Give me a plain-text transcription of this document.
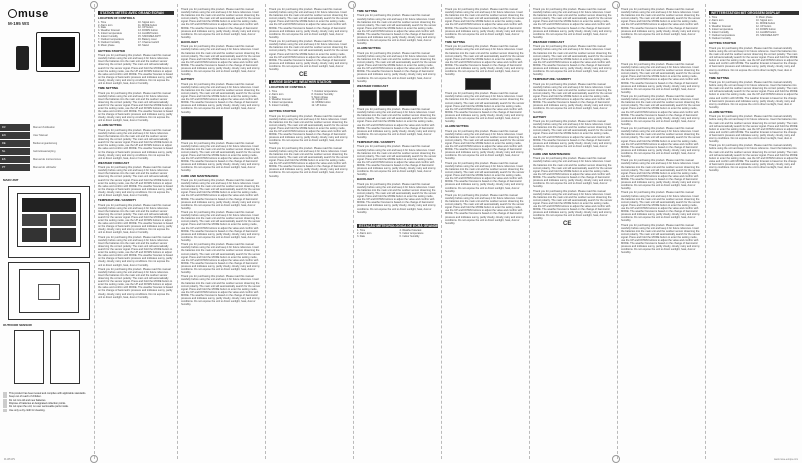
muse
M-195 WS
FR
EN
DE
NL
ES
PT
Manuel d'utilisation
User Manual
Bedienungsanleitung
Gebruiksaanwijzing
Manual de instrucciones
Manual do utilizador
MAIN UNIT
OUTDOOR SENSOR
This product has been tested and complies with applicable standards.
Keep out of reach of children.
Do not mix old and new batteries.
Dispose of batteries at designated collection points.
Do not open the unit; no user serviceable parts inside.
Use only a dry cloth for cleaning.
STATION MÉTÉO AVEC GRAND ÉCRAN
LOCATION OF CONTROLS
1. Time
2. Alarm icon
3. Date
4. Weather forecast
5. Indoor temperature
6. Indoor humidity
7. Outdoor temperature
8. Outdoor humidity
9. Moon phase
10. Signal icon
11. MODE button
12. UP button
13. DOWN button
14. ALARM button
15. SNOOZE/LIGHT
16. Battery cover
17. Channel switch
18. Stand
GETTING STARTED

Thank you for purchasing this product. Please read this manual carefully before using the unit and keep it for future reference. Insert the batteries into the main unit and the outdoor sensor observing the correct polarity. The main unit will automatically search for the sensor signal. Press and hold the MODE button to enter the setting mode, use the UP and DOWN buttons to adjust the value and confirm with MODE. The weather forecast is based on the change of barometric pressure and indicates sunny, partly cloudy, cloudy, rainy and stormy conditions. Do not expose the unit to direct sunlight, heat, dust or humidity.

TIME SETTING

Thank you for purchasing this product. Please read this manual carefully before using the unit and keep it for future reference. Insert the batteries into the main unit and the outdoor sensor observing the correct polarity. The main unit will automatically search for the sensor signal. Press and hold the MODE button to enter the setting mode, use the UP and DOWN buttons to adjust the value and confirm with MODE. The weather forecast is based on the change of barometric pressure and indicates sunny, partly cloudy, cloudy, rainy and stormy conditions. Do not expose the unit to direct sunlight, heat, dust or humidity.

ALARM SETTING

Thank you for purchasing this product. Please read this manual carefully before using the unit and keep it for future reference. Insert the batteries into the main unit and the outdoor sensor observing the correct polarity. The main unit will automatically search for the sensor signal. Press and hold the MODE button to enter the setting mode, use the UP and DOWN buttons to adjust the value and confirm with MODE. The weather forecast is based on the change of barometric pressure and indicates sunny, partly cloudy, cloudy, rainy and stormy conditions. Do not expose the unit to direct sunlight, heat, dust or humidity.

WEATHER FORECAST

Thank you for purchasing this product. Please read this manual carefully before using the unit and keep it for future reference. Insert the batteries into the main unit and the outdoor sensor observing the correct polarity. The main unit will automatically search for the sensor signal. Press and hold the MODE button to enter the setting mode, use the UP and DOWN buttons to adjust the value and confirm with MODE. The weather forecast is based on the change of barometric pressure and indicates sunny, partly cloudy, cloudy, rainy and stormy conditions. Do not expose the unit to direct sunlight, heat, dust or humidity.

TEMPERATURE / HUMIDITY

Thank you for purchasing this product. Please read this manual carefully before using the unit and keep it for future reference. Insert the batteries into the main unit and the outdoor sensor observing the correct polarity. The main unit will automatically search for the sensor signal. Press and hold the MODE button to enter the setting mode, use the UP and DOWN buttons to adjust the value and confirm with MODE. The weather forecast is based on the change of barometric pressure and indicates sunny, partly cloudy, cloudy, rainy and stormy conditions. Do not expose the unit to direct sunlight, heat, dust or humidity.

Thank you for purchasing this product. Please read this manual carefully before using the unit and keep it for future reference. Insert the batteries into the main unit and the outdoor sensor observing the correct polarity. The main unit will automatically search for the sensor signal. Press and hold the MODE button to enter the setting mode, use the UP and DOWN buttons to adjust the value and confirm with MODE. The weather forecast is based on the change of barometric pressure and indicates sunny, partly cloudy, cloudy, rainy and stormy conditions. Do not expose the unit to direct sunlight, heat, dust or humidity.

Thank you for purchasing this product. Please read this manual carefully before using the unit and keep it for future reference. Insert the batteries into the main unit and the outdoor sensor observing the correct polarity. The main unit will automatically search for the sensor signal. Press and hold the MODE button to enter the setting mode, use the UP and DOWN buttons to adjust the value and confirm with MODE. The weather forecast is based on the change of barometric pressure and indicates sunny, partly cloudy, cloudy, rainy and stormy conditions. Do not expose the unit to direct sunlight, heat, dust or humidity.

Thank you for purchasing this product. Please read this manual carefully before using the unit and keep it for future reference. Insert the batteries into the main unit and the outdoor sensor observing the correct polarity. The main unit will automatically search for the sensor signal. Press and hold the MODE button to enter the setting mode, use the UP and DOWN buttons to adjust the value and confirm with MODE. The weather forecast is based on the change of barometric pressure and indicates sunny, partly cloudy, cloudy, rainy and stormy conditions. Do not expose the unit to direct sunlight, heat, dust or humidity.

BACKLIGHT

Thank you for purchasing this product. Please read this manual carefully before using the unit and keep it for future reference. Insert the batteries into the main unit and the outdoor sensor observing the correct polarity. The main unit will automatically search for the sensor signal. Press and hold the MODE button to enter the setting mode, use the UP and DOWN buttons to adjust the value and confirm with MODE. The weather forecast is based on the change of barometric pressure and indicates sunny, partly cloudy, cloudy, rainy and stormy conditions. Do not expose the unit to direct sunlight, heat, dust or humidity.

BATTERY

Thank you for purchasing this product. Please read this manual carefully before using the unit and keep it for future reference. Insert the batteries into the main unit and the outdoor sensor observing the correct polarity. The main unit will automatically search for the sensor signal. Press and hold the MODE button to enter the setting mode, use the UP and DOWN buttons to adjust the value and confirm with MODE. The weather forecast is based on the change of barometric pressure and indicates sunny, partly cloudy, cloudy, rainy and stormy conditions. Do not expose the unit to direct sunlight, heat, dust or humidity.

Thank you for purchasing this product. Please read this manual carefully before using the unit and keep it for future reference. Insert the batteries into the main unit and the outdoor sensor observing the correct polarity. The main unit will automatically search for the sensor signal. Press and hold the MODE button to enter the setting mode, use the UP and DOWN buttons to adjust the value and confirm with MODE. The weather forecast is based on the change of barometric pressure and indicates sunny, partly cloudy, cloudy, rainy and stormy conditions. Do not expose the unit to direct sunlight, heat, dust or humidity.

CARE AND MAINTENANCE

Thank you for purchasing this product. Please read this manual carefully before using the unit and keep it for future reference. Insert the batteries into the main unit and the outdoor sensor observing the correct polarity. The main unit will automatically search for the sensor signal. Press and hold the MODE button to enter the setting mode, use the UP and DOWN buttons to adjust the value and confirm with MODE. The weather forecast is based on the change of barometric pressure and indicates sunny, partly cloudy, cloudy, rainy and stormy conditions. Do not expose the unit to direct sunlight, heat, dust or humidity.

Thank you for purchasing this product. Please read this manual carefully before using the unit and keep it for future reference. Insert the batteries into the main unit and the outdoor sensor observing the correct polarity. The main unit will automatically search for the sensor signal. Press and hold the MODE button to enter the setting mode, use the UP and DOWN buttons to adjust the value and confirm with MODE. The weather forecast is based on the change of barometric pressure and indicates sunny, partly cloudy, cloudy, rainy and stormy conditions. Do not expose the unit to direct sunlight, heat, dust or humidity.

Thank you for purchasing this product. Please read this manual carefully before using the unit and keep it for future reference. Insert the batteries into the main unit and the outdoor sensor observing the correct polarity. The main unit will automatically search for the sensor signal. Press and hold the MODE button to enter the setting mode, use the UP and DOWN buttons to adjust the value and confirm with MODE. The weather forecast is based on the change of barometric pressure and indicates sunny, partly cloudy, cloudy, rainy and stormy conditions. Do not expose the unit to direct sunlight, heat, dust or humidity.

Thank you for purchasing this product. Please read this manual carefully before using the unit and keep it for future reference. Insert the batteries into the main unit and the outdoor sensor observing the correct polarity. The main unit will automatically search for the sensor signal. Press and hold the MODE button to enter the setting mode, use the UP and DOWN buttons to adjust the value and confirm with MODE. The weather forecast is based on the change of barometric pressure and indicates sunny, partly cloudy, cloudy, rainy and stormy conditions. Do not expose the unit to direct sunlight, heat, dust or humidity.

Thank you for purchasing this product. Please read this manual carefully before using the unit and keep it for future reference. Insert the batteries into the main unit and the outdoor sensor observing the correct polarity. The main unit will automatically search for the sensor signal. Press and hold the MODE button to enter the setting mode, use the UP and DOWN buttons to adjust the value and confirm with MODE. The weather forecast is based on the change of barometric pressure and indicates sunny, partly cloudy, cloudy, rainy and stormy conditions. Do not expose the unit to direct sunlight, heat, dust or humidity.

Thank you for purchasing this product. Please read this manual carefully before using the unit and keep it for future reference. Insert the batteries into the main unit and the outdoor sensor observing the correct polarity. The main unit will automatically search for the sensor signal. Press and hold the MODE button to enter the setting mode, use the UP and DOWN buttons to adjust the value and confirm with MODE. The weather forecast is based on the change of barometric pressure and indicates sunny, partly cloudy, cloudy, rainy and stormy conditions. Do not expose the unit to direct sunlight, heat, dust or humidity.

CE
LARGE DISPLAY WEATHER STATION
LOCATION OF CONTROLS
1. Time
2. Alarm icon
3. Date
4. Weather forecast
5. Indoor temperature
6. Indoor humidity
7. Outdoor temperature
8. Outdoor humidity
9. Moon phase
10. Signal icon
11. MODE button
12. UP button
GETTING STARTED

Thank you for purchasing this product. Please read this manual carefully before using the unit and keep it for future reference. Insert the batteries into the main unit and the outdoor sensor observing the correct polarity. The main unit will automatically search for the sensor signal. Press and hold the MODE button to enter the setting mode, use the UP and DOWN buttons to adjust the value and confirm with MODE. The weather forecast is based on the change of barometric pressure and indicates sunny, partly cloudy, cloudy, rainy and stormy conditions. Do not expose the unit to direct sunlight, heat, dust or humidity.

Thank you for purchasing this product. Please read this manual carefully before using the unit and keep it for future reference. Insert the batteries into the main unit and the outdoor sensor observing the correct polarity. The main unit will automatically search for the sensor signal. Press and hold the MODE button to enter the setting mode, use the UP and DOWN buttons to adjust the value and confirm with MODE. The weather forecast is based on the change of barometric pressure and indicates sunny, partly cloudy, cloudy, rainy and stormy conditions. Do not expose the unit to direct sunlight, heat, dust or humidity.

TIME SETTING

Thank you for purchasing this product. Please read this manual carefully before using the unit and keep it for future reference. Insert the batteries into the main unit and the outdoor sensor observing the correct polarity. The main unit will automatically search for the sensor signal. Press and hold the MODE button to enter the setting mode, use the UP and DOWN buttons to adjust the value and confirm with MODE. The weather forecast is based on the change of barometric pressure and indicates sunny, partly cloudy, cloudy, rainy and stormy conditions. Do not expose the unit to direct sunlight, heat, dust or humidity.

ALARM SETTING

Thank you for purchasing this product. Please read this manual carefully before using the unit and keep it for future reference. Insert the batteries into the main unit and the outdoor sensor observing the correct polarity. The main unit will automatically search for the sensor signal. Press and hold the MODE button to enter the setting mode, use the UP and DOWN buttons to adjust the value and confirm with MODE. The weather forecast is based on the change of barometric pressure and indicates sunny, partly cloudy, cloudy, rainy and stormy conditions. Do not expose the unit to direct sunlight, heat, dust or humidity.

WEATHER FORECAST

Thank you for purchasing this product. Please read this manual carefully before using the unit and keep it for future reference. Insert the batteries into the main unit and the outdoor sensor observing the correct polarity. The main unit will automatically search for the sensor signal. Press and hold the MODE button to enter the setting mode, use the UP and DOWN buttons to adjust the value and confirm with MODE. The weather forecast is based on the change of barometric pressure and indicates sunny, partly cloudy, cloudy, rainy and stormy conditions. Do not expose the unit to direct sunlight, heat, dust or humidity.

TEMPERATURE / HUMIDITY

Thank you for purchasing this product. Please read this manual carefully before using the unit and keep it for future reference. Insert the batteries into the main unit and the outdoor sensor observing the correct polarity. The main unit will automatically search for the sensor signal. Press and hold the MODE button to enter the setting mode, use the UP and DOWN buttons to adjust the value and confirm with MODE. The weather forecast is based on the change of barometric pressure and indicates sunny, partly cloudy, cloudy, rainy and stormy conditions. Do not expose the unit to direct sunlight, heat, dust or humidity.

BACKLIGHT

Thank you for purchasing this product. Please read this manual carefully before using the unit and keep it for future reference. Insert the batteries into the main unit and the outdoor sensor observing the correct polarity. The main unit will automatically search for the sensor signal. Press and hold the MODE button to enter the setting mode, use the UP and DOWN buttons to adjust the value and confirm with MODE. The weather forecast is based on the change of barometric pressure and indicates sunny, partly cloudy, cloudy, rainy and stormy conditions. Do not expose the unit to direct sunlight, heat, dust or humidity.

ESTAÇÃO METEOROLÓGICA DE ECRÃ GRANDE
1. Time
2. Alarm icon
3. Date
4. Weather forecast
5. Indoor temperature
6. Indoor humidity

Thank you for purchasing this product. Please read this manual carefully before using the unit and keep it for future reference. Insert the batteries into the main unit and the outdoor sensor observing the correct polarity. The main unit will automatically search for the sensor signal. Press and hold the MODE button to enter the setting mode, use the UP and DOWN buttons to adjust the value and confirm with MODE. The weather forecast is based on the change of barometric pressure and indicates sunny, partly cloudy, cloudy, rainy and stormy conditions. Do not expose the unit to direct sunlight, heat, dust or humidity.

TIME SETTING

Thank you for purchasing this product. Please read this manual carefully before using the unit and keep it for future reference. Insert the batteries into the main unit and the outdoor sensor observing the correct polarity. The main unit will automatically search for the sensor signal. Press and hold the MODE button to enter the setting mode, use the UP and DOWN buttons to adjust the value and confirm with MODE. The weather forecast is based on the change of barometric pressure and indicates sunny, partly cloudy, cloudy, rainy and stormy conditions. Do not expose the unit to direct sunlight, heat, dust or humidity.

Thank you for purchasing this product. Please read this manual carefully before using the unit and keep it for future reference. Insert the batteries into the main unit and the outdoor sensor observing the correct polarity. The main unit will automatically search for the sensor signal. Press and hold the MODE button to enter the setting mode, use the UP and DOWN buttons to adjust the value and confirm with MODE. The weather forecast is based on the change of barometric pressure and indicates sunny, partly cloudy, cloudy, rainy and stormy conditions. Do not expose the unit to direct sunlight, heat, dust or humidity.

ALARM SETTING

Thank you for purchasing this product. Please read this manual carefully before using the unit and keep it for future reference. Insert the batteries into the main unit and the outdoor sensor observing the correct polarity. The main unit will automatically search for the sensor signal. Press and hold the MODE button to enter the setting mode, use the UP and DOWN buttons to adjust the value and confirm with MODE. The weather forecast is based on the change of barometric pressure and indicates sunny, partly cloudy, cloudy, rainy and stormy conditions. Do not expose the unit to direct sunlight, heat, dust or humidity.

Thank you for purchasing this product. Please read this manual carefully before using the unit and keep it for future reference. Insert the batteries into the main unit and the outdoor sensor observing the correct polarity. The main unit will automatically search for the sensor signal. Press and hold the MODE button to enter the setting mode, use the UP and DOWN buttons to adjust the value and confirm with MODE. The weather forecast is based on the change of barometric pressure and indicates sunny, partly cloudy, cloudy, rainy and stormy conditions. Do not expose the unit to direct sunlight, heat, dust or humidity.

Thank you for purchasing this product. Please read this manual carefully before using the unit and keep it for future reference. Insert the batteries into the main unit and the outdoor sensor observing the correct polarity. The main unit will automatically search for the sensor signal. Press and hold the MODE button to enter the setting mode, use the UP and DOWN buttons to adjust the value and confirm with MODE. The weather forecast is based on the change of barometric pressure and indicates sunny, partly cloudy, cloudy, rainy and stormy conditions. Do not expose the unit to direct sunlight, heat, dust or humidity.

Thank you for purchasing this product. Please read this manual carefully before using the unit and keep it for future reference. Insert the batteries into the main unit and the outdoor sensor observing the correct polarity. The main unit will automatically search for the sensor signal. Press and hold the MODE button to enter the setting mode, use the UP and DOWN buttons to adjust the value and confirm with MODE. The weather forecast is based on the change of barometric pressure and indicates sunny, partly cloudy, cloudy, rainy and stormy conditions. Do not expose the unit to direct sunlight, heat, dust or humidity.

WEATHER FORECAST

Thank you for purchasing this product. Please read this manual carefully before using the unit and keep it for future reference. Insert the batteries into the main unit and the outdoor sensor observing the correct polarity. The main unit will automatically search for the sensor signal. Press and hold the MODE button to enter the setting mode, use the UP and DOWN buttons to adjust the value and confirm with MODE. The weather forecast is based on the change of barometric pressure and indicates sunny, partly cloudy, cloudy, rainy and stormy conditions. Do not expose the unit to direct sunlight, heat, dust or humidity.

TEMPERATURE / HUMIDITY

Thank you for purchasing this product. Please read this manual carefully before using the unit and keep it for future reference. Insert the batteries into the main unit and the outdoor sensor observing the correct polarity. The main unit will automatically search for the sensor signal. Press and hold the MODE button to enter the setting mode, use the UP and DOWN buttons to adjust the value and confirm with MODE. The weather forecast is based on the change of barometric pressure and indicates sunny, partly cloudy, cloudy, rainy and stormy conditions. Do not expose the unit to direct sunlight, heat, dust or humidity.

BATTERY

Thank you for purchasing this product. Please read this manual carefully before using the unit and keep it for future reference. Insert the batteries into the main unit and the outdoor sensor observing the correct polarity. The main unit will automatically search for the sensor signal. Press and hold the MODE button to enter the setting mode, use the UP and DOWN buttons to adjust the value and confirm with MODE. The weather forecast is based on the change of barometric pressure and indicates sunny, partly cloudy, cloudy, rainy and stormy conditions. Do not expose the unit to direct sunlight, heat, dust or humidity.

CARE AND MAINTENANCE

Thank you for purchasing this product. Please read this manual carefully before using the unit and keep it for future reference. Insert the batteries into the main unit and the outdoor sensor observing the correct polarity. The main unit will automatically search for the sensor signal. Press and hold the MODE button to enter the setting mode, use the UP and DOWN buttons to adjust the value and confirm with MODE. The weather forecast is based on the change of barometric pressure and indicates sunny, partly cloudy, cloudy, rainy and stormy conditions. Do not expose the unit to direct sunlight, heat, dust or humidity.

Thank you for purchasing this product. Please read this manual carefully before using the unit and keep it for future reference. Insert the batteries into the main unit and the outdoor sensor observing the correct polarity. The main unit will automatically search for the sensor signal. Press and hold the MODE button to enter the setting mode, use the UP and DOWN buttons to adjust the value and confirm with MODE. The weather forecast is based on the change of barometric pressure and indicates sunny, partly cloudy, cloudy, rainy and stormy conditions. Do not expose the unit to direct sunlight, heat, dust or humidity.

CE

Thank you for purchasing this product. Please read this manual carefully before using the unit and keep it for future reference. Insert the batteries into the main unit and the outdoor sensor observing the correct polarity. The main unit will automatically search for the sensor signal. Press and hold the MODE button to enter the setting mode, use the UP and DOWN buttons to adjust the value and confirm with MODE. The weather forecast is based on the change of barometric pressure and indicates sunny, partly cloudy, cloudy, rainy and stormy conditions. Do not expose the unit to direct sunlight, heat, dust or humidity.

Thank you for purchasing this product. Please read this manual carefully before using the unit and keep it for future reference. Insert the batteries into the main unit and the outdoor sensor observing the correct polarity. The main unit will automatically search for the sensor signal. Press and hold the MODE button to enter the setting mode, use the UP and DOWN buttons to adjust the value and confirm with MODE. The weather forecast is based on the change of barometric pressure and indicates sunny, partly cloudy, cloudy, rainy and stormy conditions. Do not expose the unit to direct sunlight, heat, dust or humidity.

Thank you for purchasing this product. Please read this manual carefully before using the unit and keep it for future reference. Insert the batteries into the main unit and the outdoor sensor observing the correct polarity. The main unit will automatically search for the sensor signal. Press and hold the MODE button to enter the setting mode, use the UP and DOWN buttons to adjust the value and confirm with MODE. The weather forecast is based on the change of barometric pressure and indicates sunny, partly cloudy, cloudy, rainy and stormy conditions. Do not expose the unit to direct sunlight, heat, dust or humidity.

Thank you for purchasing this product. Please read this manual carefully before using the unit and keep it for future reference. Insert the batteries into the main unit and the outdoor sensor observing the correct polarity. The main unit will automatically search for the sensor signal. Press and hold the MODE button to enter the setting mode, use the UP and DOWN buttons to adjust the value and confirm with MODE. The weather forecast is based on the change of barometric pressure and indicates sunny, partly cloudy, cloudy, rainy and stormy conditions. Do not expose the unit to direct sunlight, heat, dust or humidity.

Thank you for purchasing this product. Please read this manual carefully before using the unit and keep it for future reference. Insert the batteries into the main unit and the outdoor sensor observing the correct polarity. The main unit will automatically search for the sensor signal. Press and hold the MODE button to enter the setting mode, use the UP and DOWN buttons to adjust the value and confirm with MODE. The weather forecast is based on the change of barometric pressure and indicates sunny, partly cloudy, cloudy, rainy and stormy conditions. Do not expose the unit to direct sunlight, heat, dust or humidity.

Thank you for purchasing this product. Please read this manual carefully before using the unit and keep it for future reference. Insert the batteries into the main unit and the outdoor sensor observing the correct polarity. The main unit will automatically search for the sensor signal. Press and hold the MODE button to enter the setting mode, use the UP and DOWN buttons to adjust the value and confirm with MODE. The weather forecast is based on the change of barometric pressure and indicates sunny, partly cloudy, cloudy, rainy and stormy conditions. Do not expose the unit to direct sunlight, heat, dust or humidity.

Thank you for purchasing this product. Please read this manual carefully before using the unit and keep it for future reference. Insert the batteries into the main unit and the outdoor sensor observing the correct polarity. The main unit will automatically search for the sensor signal. Press and hold the MODE button to enter the setting mode, use the UP and DOWN buttons to adjust the value and confirm with MODE. The weather forecast is based on the change of barometric pressure and indicates sunny, partly cloudy, cloudy, rainy and stormy conditions. Do not expose the unit to direct sunlight, heat, dust or humidity.

WETTERSTATION MIT GROSSEM DISPLAY
1. Time
2. Alarm icon
3. Date
4. Weather forecast
5. Indoor temperature
6. Indoor humidity
7. Outdoor temperature
8. Outdoor humidity
9. Moon phase
10. Signal icon
11. MODE button
12. UP button
13. DOWN button
14. ALARM button
15. SNOOZE/LIGHT
GETTING STARTED

Thank you for purchasing this product. Please read this manual carefully before using the unit and keep it for future reference. Insert the batteries into the main unit and the outdoor sensor observing the correct polarity. The main unit will automatically search for the sensor signal. Press and hold the MODE button to enter the setting mode, use the UP and DOWN buttons to adjust the value and confirm with MODE. The weather forecast is based on the change of barometric pressure and indicates sunny, partly cloudy, cloudy, rainy and stormy conditions. Do not expose the unit to direct sunlight, heat, dust or humidity.

TIME SETTING

Thank you for purchasing this product. Please read this manual carefully before using the unit and keep it for future reference. Insert the batteries into the main unit and the outdoor sensor observing the correct polarity. The main unit will automatically search for the sensor signal. Press and hold the MODE button to enter the setting mode, use the UP and DOWN buttons to adjust the value and confirm with MODE. The weather forecast is based on the change of barometric pressure and indicates sunny, partly cloudy, cloudy, rainy and stormy conditions. Do not expose the unit to direct sunlight, heat, dust or humidity.

ALARM SETTING

Thank you for purchasing this product. Please read this manual carefully before using the unit and keep it for future reference. Insert the batteries into the main unit and the outdoor sensor observing the correct polarity. The main unit will automatically search for the sensor signal. Press and hold the MODE button to enter the setting mode, use the UP and DOWN buttons to adjust the value and confirm with MODE. The weather forecast is based on the change of barometric pressure and indicates sunny, partly cloudy, cloudy, rainy and stormy conditions. Do not expose the unit to direct sunlight, heat, dust or humidity.

Thank you for purchasing this product. Please read this manual carefully before using the unit and keep it for future reference. Insert the batteries into the main unit and the outdoor sensor observing the correct polarity. The main unit will automatically search for the sensor signal. Press and hold the MODE button to enter the setting mode, use the UP and DOWN buttons to adjust the value and confirm with MODE. The weather forecast is based on the change of barometric pressure and indicates sunny, partly cloudy, cloudy, rainy and stormy conditions. Do not expose the unit to direct sunlight, heat, dust or humidity.

M-195 WS	www.muse-europe.com
